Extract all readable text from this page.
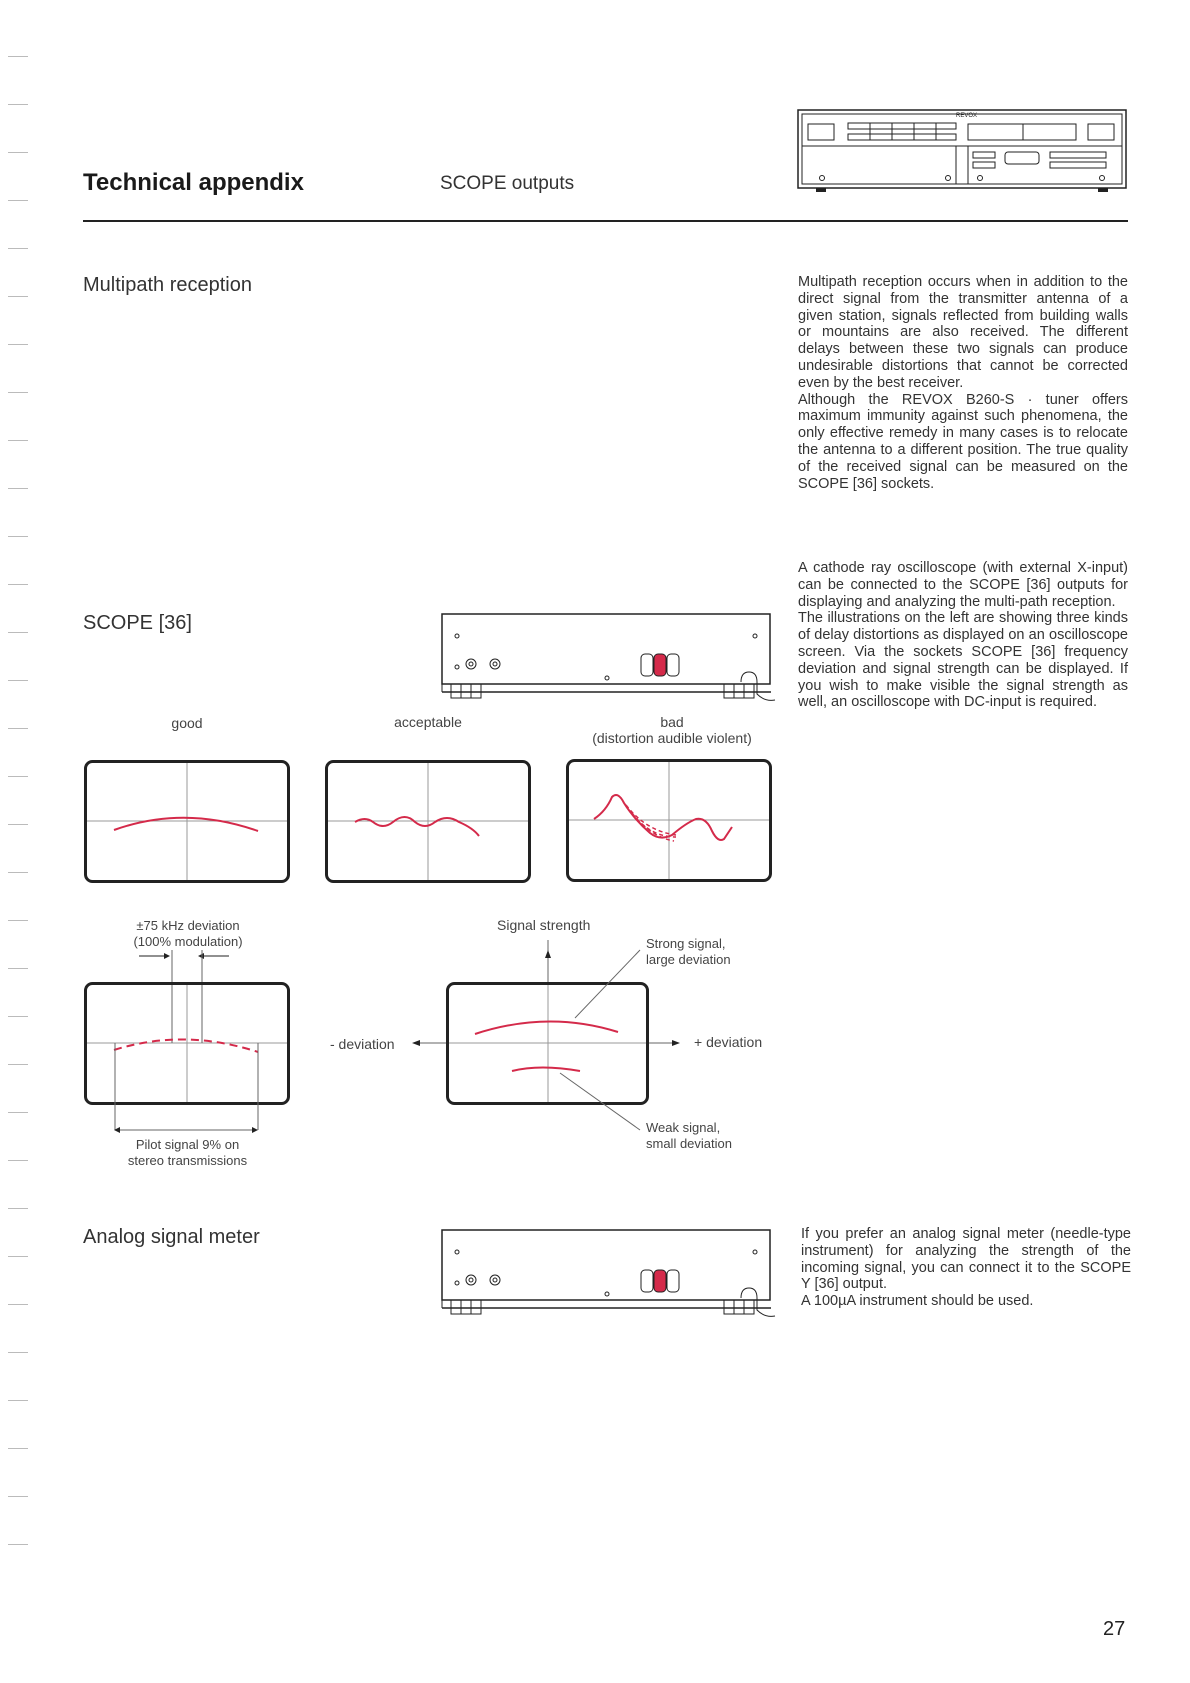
Technical appendix	SCOPE outputs
REVOX
Multipath reception	Multipath reception occurs when in addition to the direct signal from the transmitter antenna of a given station, signals reflected from building walls or mountains are also received. The different delays between these two signals can produce undesirable distortions that cannot be corrected even by the best receiver.

Although the REVOX B260-S · tuner offers maximum immunity against such phenomena, the only effective remedy in many cases is to relocate the antenna to a different position. The true quality of the received signal can be measured on the SCOPE [36] sockets.

SCOPE [36]

A cathode ray oscilloscope (with external X-input) can be connected to the SCOPE [36] outputs for displaying and analyzing the multi-path reception.

The illustrations on the left are showing three kinds of delay distortions as displayed on an oscilloscope screen. Via the sockets SCOPE [36] frequency deviation and signal strength can be displayed. If you wish to make visible the signal strength as well, an oscilloscope with DC-input is required.

good	acceptable	bad
(distortion audible violent)
±75 kHz deviation
(100% modulation)
Pilot signal 9% on
stereo transmissions
Signal strength
Strong signal,
large deviation
Weak signal,
small deviation
- deviation	+ deviation
Analog signal meter	If you prefer an analog signal meter (needle-type instrument) for analyzing the strength of the incoming signal, you can connect it to the SCOPE Y [36] output.

A 100µA instrument should be used.

27
